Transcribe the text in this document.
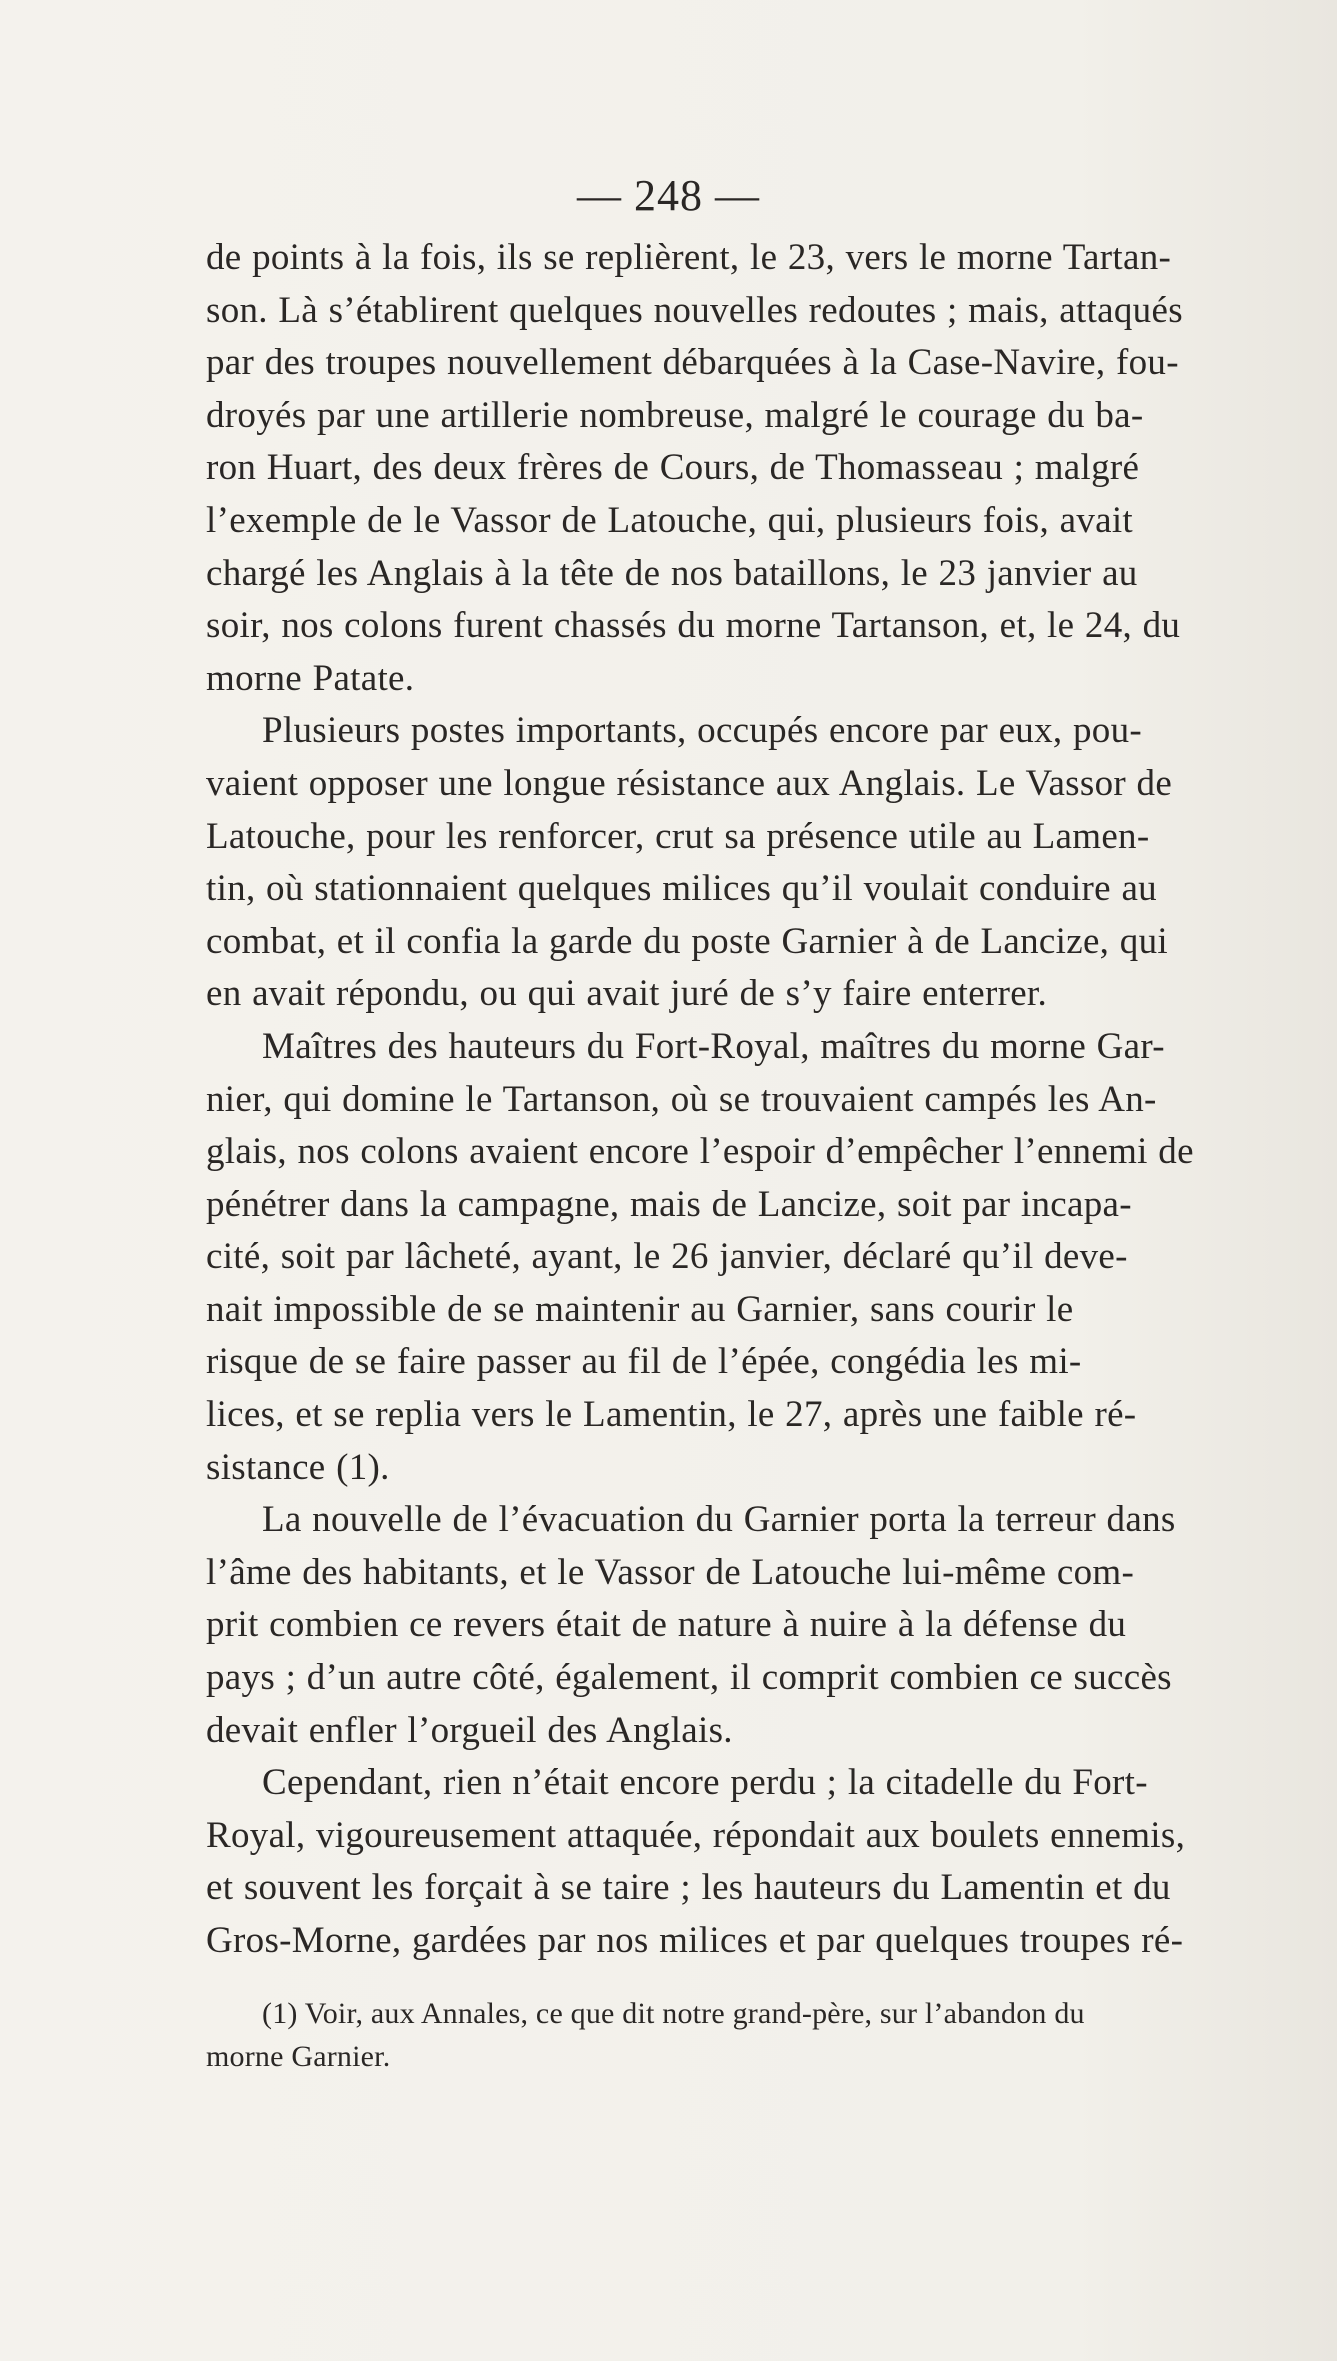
— 248 —

de points à la fois, ils se replièrent, le 23, vers le morne Tartan-
son. Là s’établirent quelques nouvelles redoutes ; mais, attaqués
par des troupes nouvellement débarquées à la Case-Navire, fou-
droyés par une artillerie nombreuse, malgré le courage du ba-
ron Huart, des deux frères de Cours, de Thomasseau ; malgré
l’exemple de le Vassor de Latouche, qui, plusieurs fois, avait
chargé les Anglais à la tête de nos bataillons, le 23 janvier au
soir, nos colons furent chassés du morne Tartanson, et, le 24, du
morne Patate.

Plusieurs postes importants, occupés encore par eux, pou-
vaient opposer une longue résistance aux Anglais. Le Vassor de
Latouche, pour les renforcer, crut sa présence utile au Lamen-
tin, où stationnaient quelques milices qu’il voulait conduire au
combat, et il confia la garde du poste Garnier à de Lancize, qui
en avait répondu, ou qui avait juré de s’y faire enterrer.

Maîtres des hauteurs du Fort-Royal, maîtres du morne Gar-
nier, qui domine le Tartanson, où se trouvaient campés les An-
glais, nos colons avaient encore l’espoir d’empêcher l’ennemi de
pénétrer dans la campagne, mais de Lancize, soit par incapa-
cité, soit par lâcheté, ayant, le 26 janvier, déclaré qu’il deve-
nait impossible de se maintenir au Garnier, sans courir le
risque de se faire passer au fil de l’épée, congédia les mi-
lices, et se replia vers le Lamentin, le 27, après une faible ré-
sistance (1).

La nouvelle de l’évacuation du Garnier porta la terreur dans
l’âme des habitants, et le Vassor de Latouche lui-même com-
prit combien ce revers était de nature à nuire à la défense du
pays ; d’un autre côté, également, il comprit combien ce succès
devait enfler l’orgueil des Anglais.

Cependant, rien n’était encore perdu ; la citadelle du Fort-
Royal, vigoureusement attaquée, répondait aux boulets ennemis,
et souvent les forçait à se taire ; les hauteurs du Lamentin et du
Gros-Morne, gardées par nos milices et par quelques troupes ré-

(1) Voir, aux Annales, ce que dit notre grand-père, sur l’abandon du
morne Garnier.
